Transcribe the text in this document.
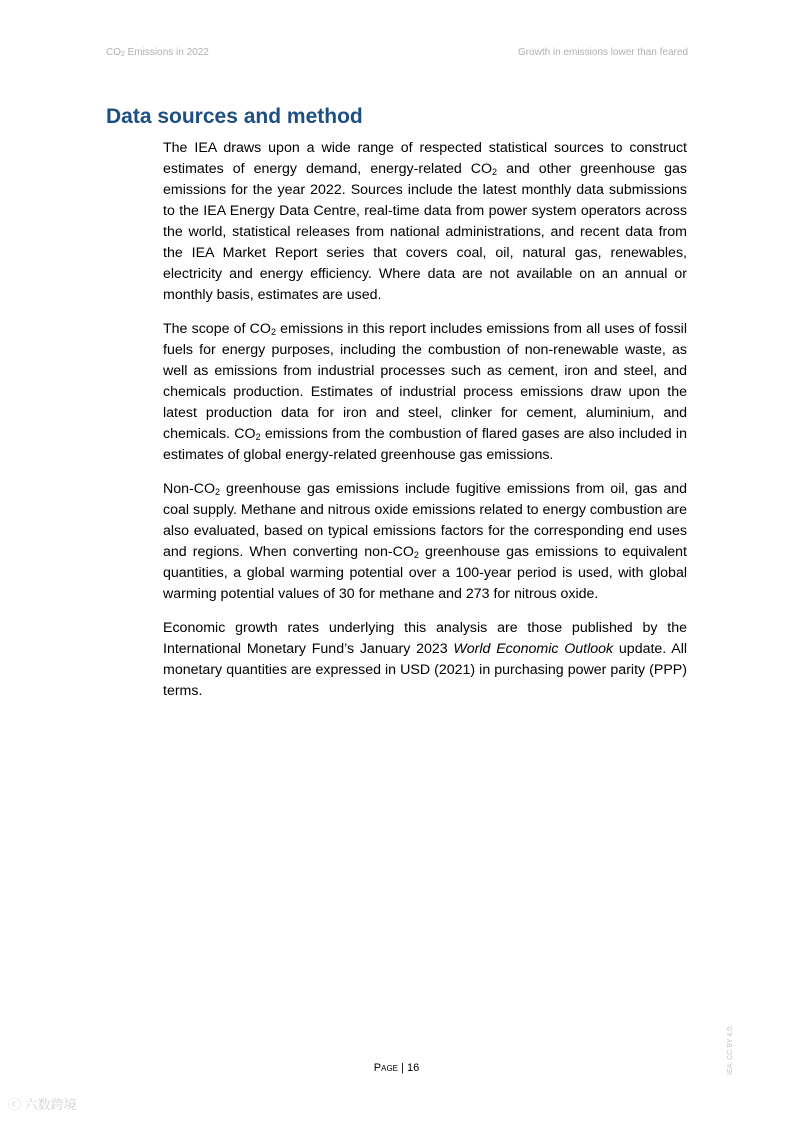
$CO_2$ Emissions in 2022	Growth in emissions lower than feared
Data sources and method

The IEA draws upon a wide range of respected statistical sources to construct estimates of energy demand, energy-related $CO_2$ and other greenhouse gas emissions for the year 2022. Sources include the latest monthly data submissions to the IEA Energy Data Centre, real-time data from power system operators across the world, statistical releases from national administrations, and recent data from the IEA Market Report series that covers coal, oil, natural gas, renewables, electricity and energy efficiency. Where data are not available on an annual or monthly basis, estimates are used.

The scope of $CO_2$ emissions in this report includes emissions from all uses of fossil fuels for energy purposes, including the combustion of non-renewable waste, as well as emissions from industrial processes such as cement, iron and steel, and chemicals production. Estimates of industrial process emissions draw upon the latest production data for iron and steel, clinker for cement, aluminium, and chemicals. $CO_2$ emissions from the combustion of flared gases are also included in estimates of global energy-related greenhouse gas emissions.

Non-$CO_2$ greenhouse gas emissions include fugitive emissions from oil, gas and coal supply. Methane and nitrous oxide emissions related to energy combustion are also evaluated, based on typical emissions factors for the corresponding end uses and regions. When converting non-$CO_2$ greenhouse gas emissions to equivalent quantities, a global warming potential over a 100-year period is used, with global warming potential values of 30 for methane and 273 for nitrous oxide.

Economic growth rates underlying this analysis are those published by the International Monetary Fund’s January 2023 World Economic Outlook update. All monetary quantities are expressed in USD (2021) in purchasing power parity (PPP) terms.

IEA. CC BY 4.0.
Page | 16
ⓒ 六数跨境
